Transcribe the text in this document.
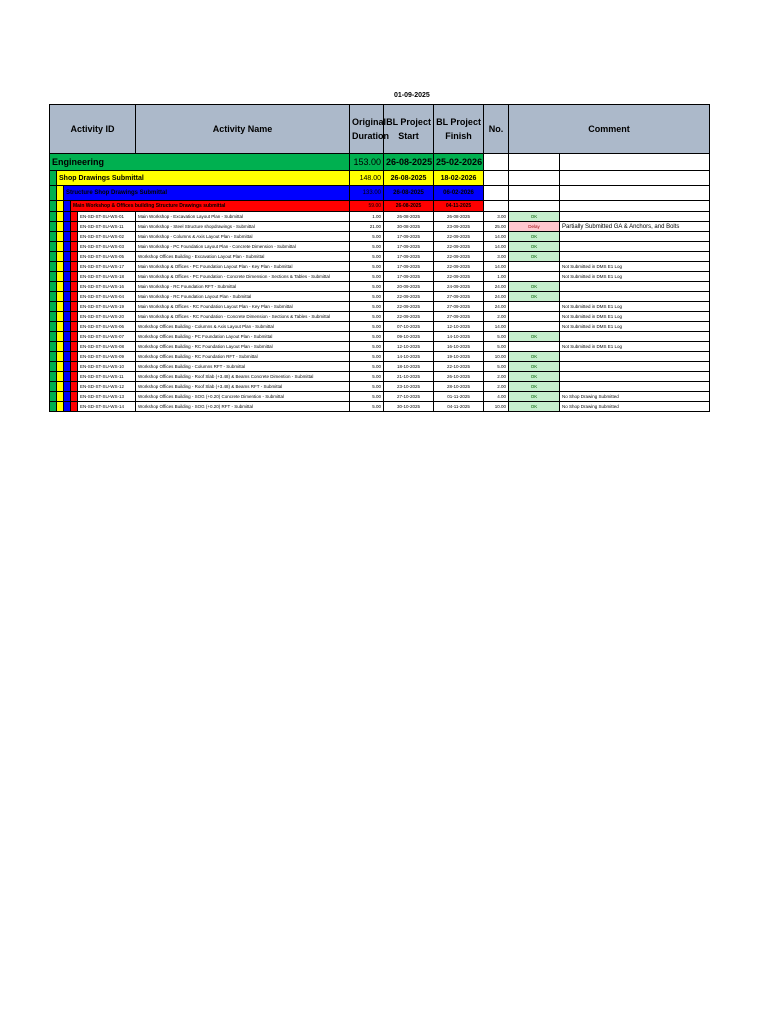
01-09-2025
Activity ID					Activity Name	Original Duration	BL Project Start	BL Project Finish	No.	Comment	
Engineering						153.00	26-08-2025	25-02-2026			
	Shop Drawings Submittal					148.00	26-08-2025	18-02-2026			
		Structure Shop Drawings Submittal				133.00	26-08-2025	06-02-2026			
			Main Workshop & Offices building Structure Drawings submittal			59.00	26-08-2025	04-11-2025			
				EN-SD-ST-SU-WS-01	Main Workshop - Excavation Layout Plan - Submittal	1.00	26-08-2025	26-08-2025	3.00	OK	
				EN-SD-ST-SU-WS-11	Main Workshop - Steel Structure shopdrawings - Submittal	21.00	30-08-2025	23-09-2025	25.00	Delay	Partially Submitted GA & Anchors, and Bolts
				EN-SD-ST-SU-WS-02	Main Workshop - Columns & Axis Layout Plan - Submittal	5.00	17-09-2025	22-09-2025	14.00	OK	
				EN-SD-ST-SU-WS-03	Main Workshop - PC Foundation Layout Plan - Concrete Dimension - Submittal	5.00	17-09-2025	22-09-2025	14.00	OK	
				EN-SD-ST-SU-WS-05	Workshop Offices Building - Excavation Layout Plan - Submittal	5.00	17-09-2025	22-09-2025	3.00	OK	
				EN-SD-ST-SU-WS-17	Main Workshop & Offices - PC Foundation Layout Plan - Key Plan - Submittal	5.00	17-09-2025	22-09-2025	14.00		Not Submitted in DMS E1 Log
				EN-SD-ST-SU-WS-18	Main Workshop & Offices - PC Foundation - Concrete Dimension - Sections & Tables - Submittal	5.00	17-09-2025	22-09-2025	1.00		Not Submitted in DMS E1 Log
				EN-SD-ST-SU-WS-16	Main Workshop - RC Foundation RFT - Submittal	5.00	20-09-2025	24-09-2025	24.00	OK	
				EN-SD-ST-SU-WS-04	Main Workshop - RC Foundation Layout Plan - Submittal	5.00	22-09-2025	27-09-2025	24.00	OK	
				EN-SD-ST-SU-WS-19	Main Workshop & Offices - RC Foundation Layout Plan - Key Plan - Submittal	5.00	22-09-2025	27-09-2025	24.00		Not Submitted in DMS E1 Log
				EN-SD-ST-SU-WS-20	Main Workshop & Offices - RC Foundation - Concrete Dimension - Sections & Tables - Submittal	5.00	22-09-2025	27-09-2025	2.00		Not Submitted in DMS E1 Log
				EN-SD-ST-SU-WS-06	Workshop Offices Building - Columns & Axis Layout Plan - Submittal	5.00	07-10-2025	12-10-2025	14.00		Not Submitted in DMS E1 Log
				EN-SD-ST-SU-WS-07	Workshop Offices Building - PC Foundation Layout Plan - Submittal	5.00	09-10-2025	14-10-2025	5.00	OK	
				EN-SD-ST-SU-WS-08	Workshop Offices Building - RC Foundation Layout Plan - Submittal	5.00	12-10-2025	16-10-2025	5.00		Not Submitted in DMS E1 Log
				EN-SD-ST-SU-WS-09	Workshop Offices Building - RC Foundation RFT - Submittal	5.00	14-10-2025	19-10-2025	10.00	OK	
				EN-SD-ST-SU-WS-10	Workshop Offices Building - Columns RFT - Submittal	5.00	18-10-2025	22-10-2025	5.00	OK	
				EN-SD-ST-SU-WS-11	Workshop Offices Building - Roof Slab (+3.48) & Beams Concrete Dimention - Submittal	5.00	21-10-2025	26-10-2025	2.00	OK	
				EN-SD-ST-SU-WS-12	Workshop Offices Building - Roof Slab (+3.48) & Beams RFT - Submittal	5.00	23-10-2025	28-10-2025	2.00	OK	
				EN-SD-ST-SU-WS-13	Workshop Offices Building - SOG (+0.20) Concrete Dimention - Submittal	5.00	27-10-2025	01-11-2025	4.00	OK	No Shop Drawing Submitted
				EN-SD-ST-SU-WS-14	Workshop Offices Building - SOG (+0.20) RFT - Submittal	5.00	30-10-2025	04-11-2025	10.00	OK	No Shop Drawing Submitted
